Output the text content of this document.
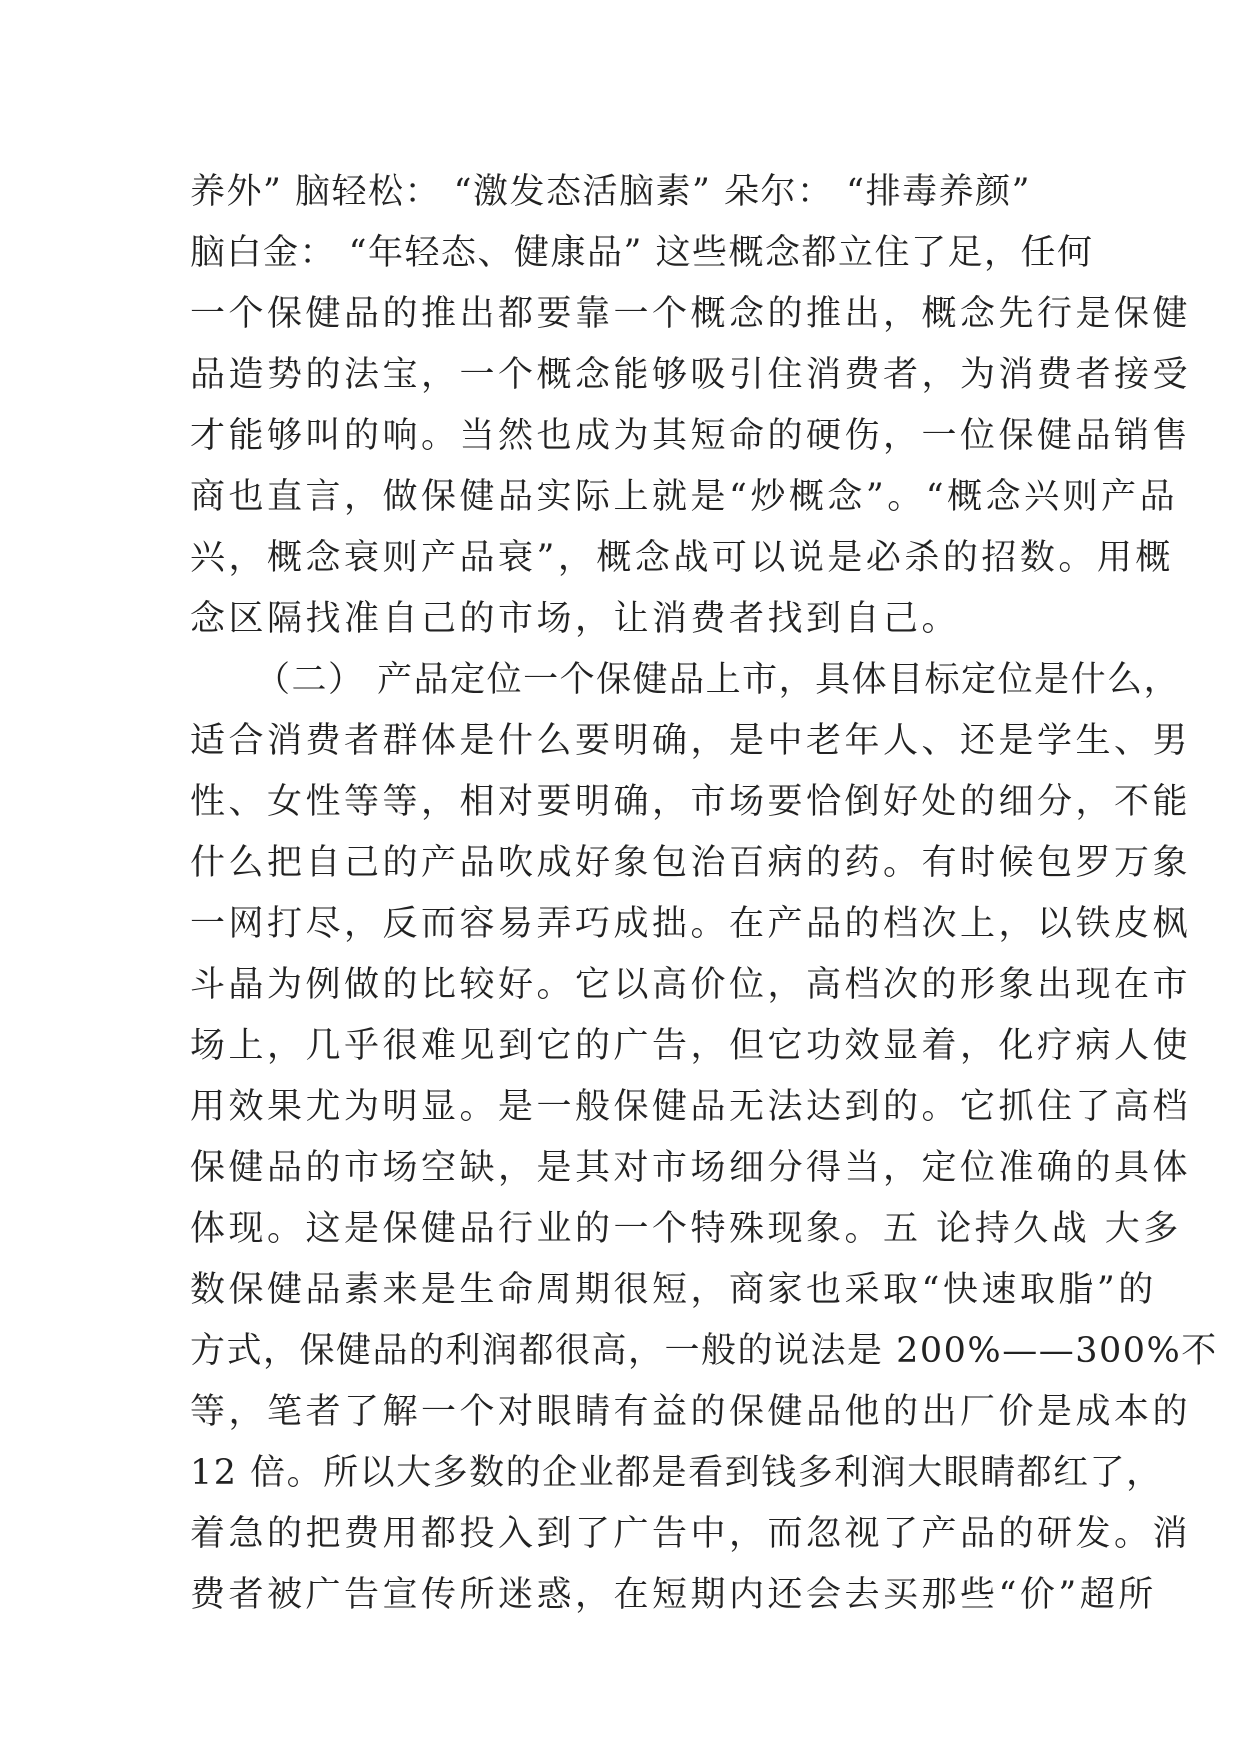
养外” 脑轻松： “激发态活脑素” 朵尔： “排毒养颜”
脑白金： “年轻态、健康品” 这些概念都立住了足，任何
一个保健品的推出都要靠一个概念的推出，概念先行是保健
品造势的法宝，一个概念能够吸引住消费者，为消费者接受
才能够叫的响。当然也成为其短命的硬伤，一位保健品销售
商也直言，做保健品实际上就是“炒概念”。“概念兴则产品
兴，概念衰则产品衰”，概念战可以说是必杀的招数。用概
念区隔找准自己的市场，让消费者找到自己。
（二） 产品定位一个保健品上市，具体目标定位是什么，
适合消费者群体是什么要明确，是中老年人、还是学生、男
性、女性等等，相对要明确，市场要恰倒好处的细分，不能
什么把自己的产品吹成好象包治百病的药。有时候包罗万象
一网打尽，反而容易弄巧成拙。在产品的档次上，以铁皮枫
斗晶为例做的比较好。它以高价位，高档次的形象出现在市
场上，几乎很难见到它的广告，但它功效显着，化疗病人使
用效果尤为明显。是一般保健品无法达到的。它抓住了高档
保健品的市场空缺，是其对市场细分得当，定位准确的具体
体现。这是保健品行业的一个特殊现象。五 论持久战 大多
数保健品素来是生命周期很短，商家也采取“快速取脂”的
方式，保健品的利润都很高，一般的说法是 200%——300%不
等，笔者了解一个对眼睛有益的保健品他的出厂价是成本的
12 倍。所以大多数的企业都是看到钱多利润大眼睛都红了，
着急的把费用都投入到了广告中，而忽视了产品的研发。消
费者被广告宣传所迷惑，在短期内还会去买那些“价”超所
